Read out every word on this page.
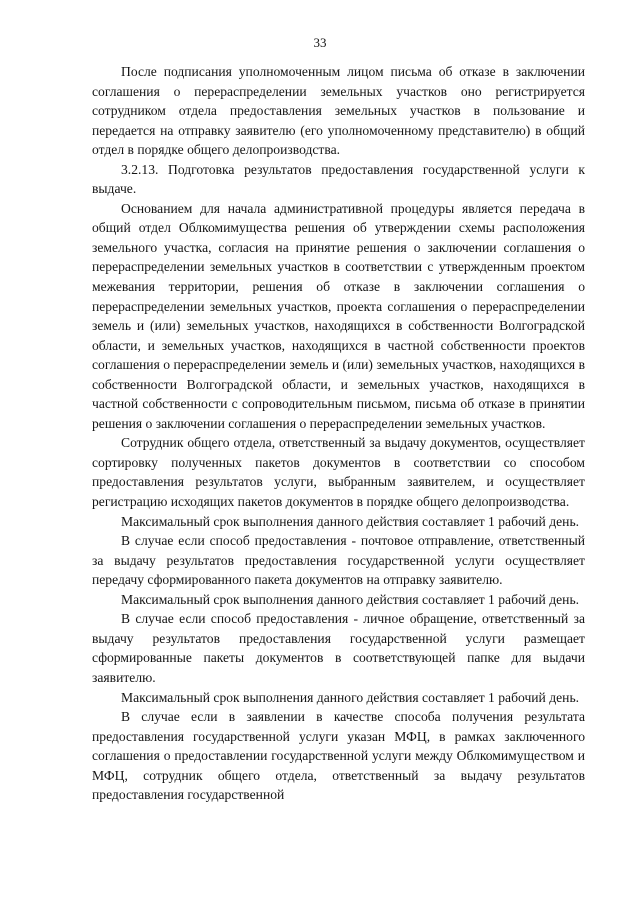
33

После подписания уполномоченным лицом письма об отказе в заключении соглашения о перераспределении земельных участков оно регистрируется сотрудником отдела предоставления земельных участков в пользование и передается на отправку заявителю (его уполномоченному представителю) в общий отдел в порядке общего делопроизводства.

3.2.13. Подготовка результатов предоставления государственной услуги к выдаче.

Основанием для начала административной процедуры является передача в общий отдел Облкомимущества решения об утверждении схемы расположения земельного участка, согласия на принятие решения о заключении соглашения о перераспределении земельных участков в соответствии с утвержденным проектом межевания территории, решения об отказе в заключении соглашения о перераспределении земельных участков, проекта соглашения о перераспределении земель и (или) земельных участков, находящихся в собственности Волгоградской области, и земельных участков, находящихся в частной собственности проектов соглашения о перераспределении земель и (или) земельных участков, находящихся в собственности Волгоградской области, и земельных участков, находящихся в частной собственности с сопроводительным письмом, письма об отказе в принятии решения о заключении соглашения о перераспределении земельных участков.

Сотрудник общего отдела, ответственный за выдачу документов, осуществляет сортировку полученных пакетов документов в соответствии со способом предоставления результатов услуги, выбранным заявителем, и осуществляет регистрацию исходящих пакетов документов в порядке общего делопроизводства.

Максимальный срок выполнения данного действия составляет 1 рабочий день.

В случае если способ предоставления - почтовое отправление, ответственный за выдачу результатов предоставления государственной услуги осуществляет передачу сформированного пакета документов на отправку заявителю.

Максимальный срок выполнения данного действия составляет 1 рабочий день.

В случае если способ предоставления - личное обращение, ответственный за выдачу результатов предоставления государственной услуги размещает сформированные пакеты документов в соответствующей папке для выдачи заявителю.

Максимальный срок выполнения данного действия составляет 1 рабочий день.

В случае если в заявлении в качестве способа получения результата предоставления государственной услуги указан МФЦ, в рамках заключенного соглашения о предоставлении государственной услуги между Облкомимуществом и МФЦ, сотрудник общего отдела, ответственный за выдачу результатов предоставления государственной
